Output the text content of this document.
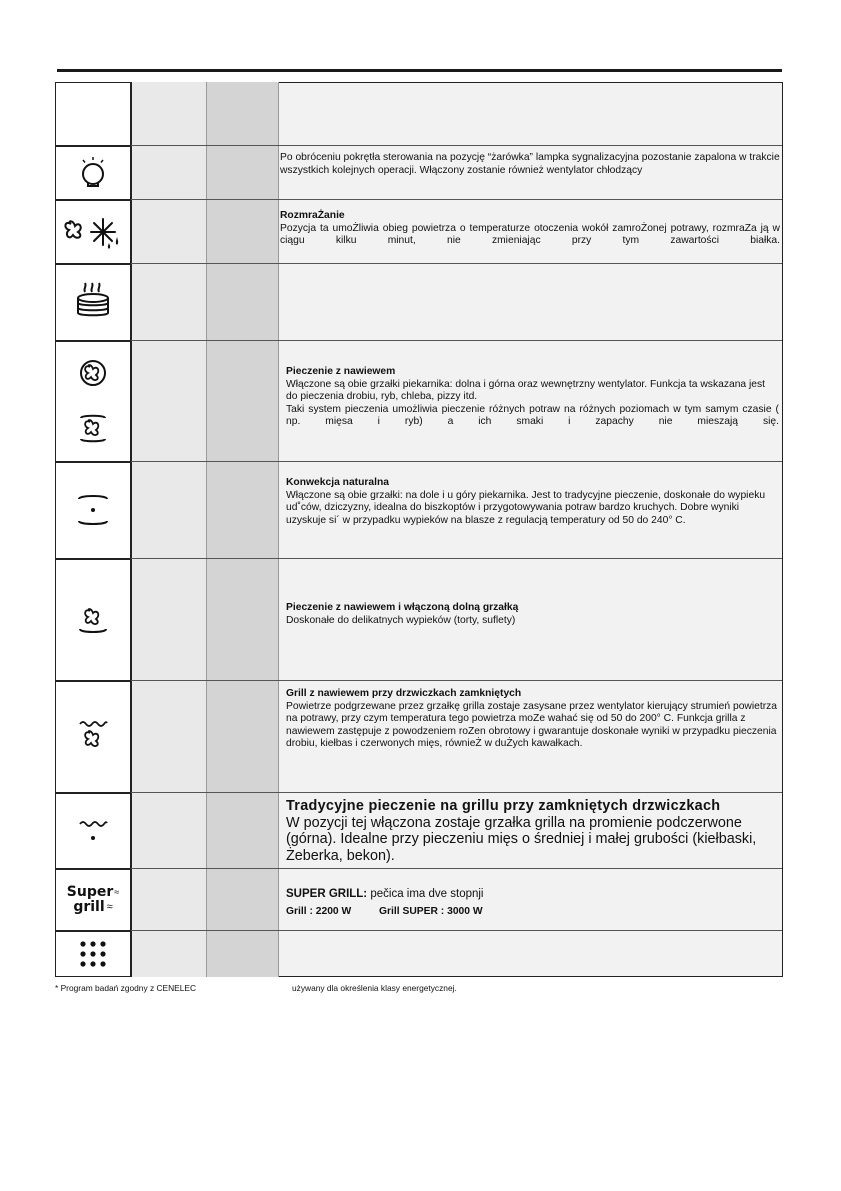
Super ≈
grill ≈
Po obróceniu pokrętła sterowania na pozycję “żarówka” lampka sygnalizacyjna pozostanie zapalona w trakcie wszystkich kolejnych operacji. Włączony zostanie również wentylator chłodzący
RozmraŻanie
Pozycja ta umoŻliwia obieg powietrza o temperaturze otoczenia wokół zamroŻonej potrawy, rozmraZa ją w ciągu kilku minut, nie zmieniając przy tym zawartości białka.
Pieczenie z nawiewem
Włączone są obie grzałki piekarnika: dolna i górna oraz wewnętrzny wentylator. Funkcja ta wskazana jest do pieczenia drobiu, ryb, chleba, pizzy itd.
Taki system pieczenia umożliwia pieczenie różnych potraw na różnych poziomach w tym samym czasie ( np. mięsa i ryb) a ich smaki i zapachy nie mieszają się.
Konwekcja naturalna
Włączone są obie grzałki: na dole i u góry piekarnika. Jest to tradycyjne pieczenie, doskonałe do wypieku ud˚ców, dziczyzny, idealna do biszkoptów i przygotowywania potraw bardzo kruchych. Dobre wyniki uzyskuje si´ w przypadku wypieków na blasze z regulacją temperatury od 50 do 240° C.
Pieczenie z nawiewem i włączoną dolną grzałką
Doskonałe do delikatnych wypieków (torty, suflety)
Grill z nawiewem przy drzwiczkach zamkniętych
Powietrze podgrzewane przez grzałkę grilla zostaje zasysane przez wentylator kierujący strumień powietrza na potrawy, przy czym temperatura tego powietrza moZe wahać się od 50 do 200° C. Funkcja grilla z nawiewem zastępuje z powodzeniem roZen obrotowy i gwarantuje doskonałe wyniki w przypadku pieczenia drobiu, kiełbas i czerwonych mięs, równieŻ w duŻych kawałkach.
Tradycyjne pieczenie na grillu przy zamkniętych drzwiczkach
W pozycji tej włączona zostaje grzałka grilla na promienie podczerwone (górna). Idealne przy pieczeniu mięs o średniej i małej grubości (kiełbaski, Żeberka, bekon).
SUPER GRILL: pečica ima dve stopnji
Grill : 2200 W	Grill SUPER : 3000 W
* Program badań zgodny z CENELEC	używany dla określenia klasy energetycznej.
